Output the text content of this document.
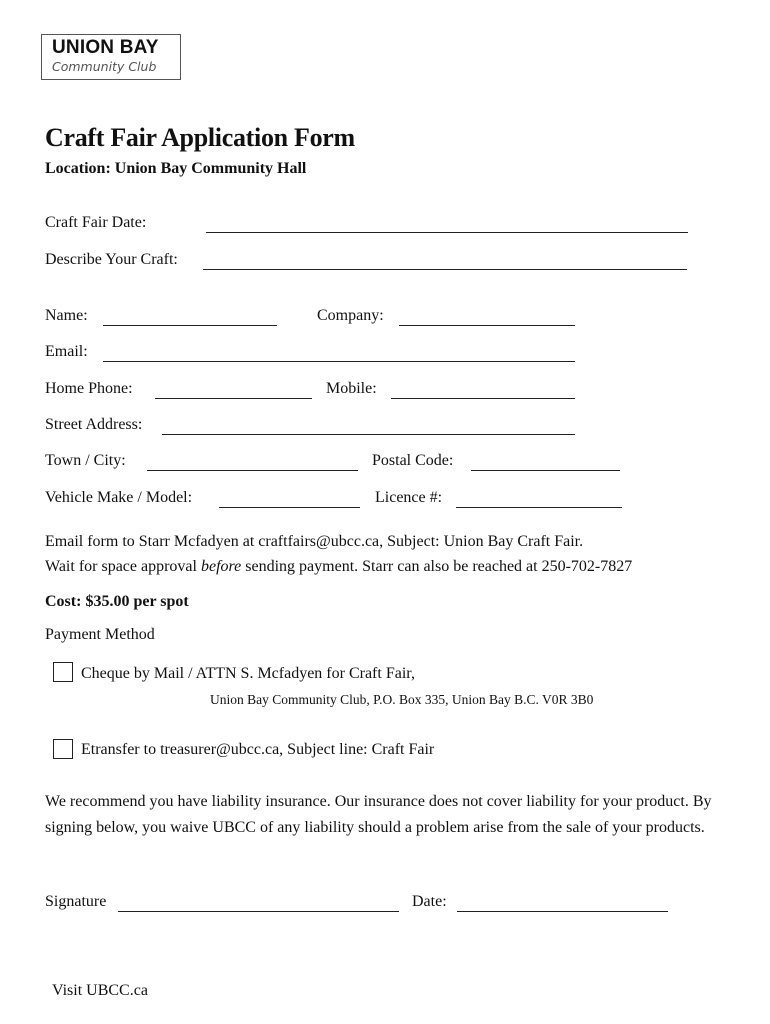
UNION BAY
Community Club
Craft Fair Application Form
Location: Union Bay Community Hall
Craft Fair Date:
Describe Your Craft:
Name:	Company:
Email:
Home Phone:	Mobile:
Street Address:
Town / City:	Postal Code:
Vehicle Make / Model:	Licence #:
Email form to Starr Mcfadyen at craftfairs@ubcc.ca, Subject: Union Bay Craft Fair.
Wait for space approval before sending payment. Starr can also be reached at 250-702-7827
Cost: $35.00 per spot
Payment Method
Cheque by Mail / ATTN S. Mcfadyen for Craft Fair,
Union Bay Community Club, P.O. Box 335, Union Bay B.C. V0R 3B0
Etransfer to treasurer@ubcc.ca, Subject line: Craft Fair
We recommend you have liability insurance. Our insurance does not cover liability for your product. By signing below, you waive UBCC of any liability should a problem arise from the sale of your products.
Signature	Date:
Visit UBCC.ca
